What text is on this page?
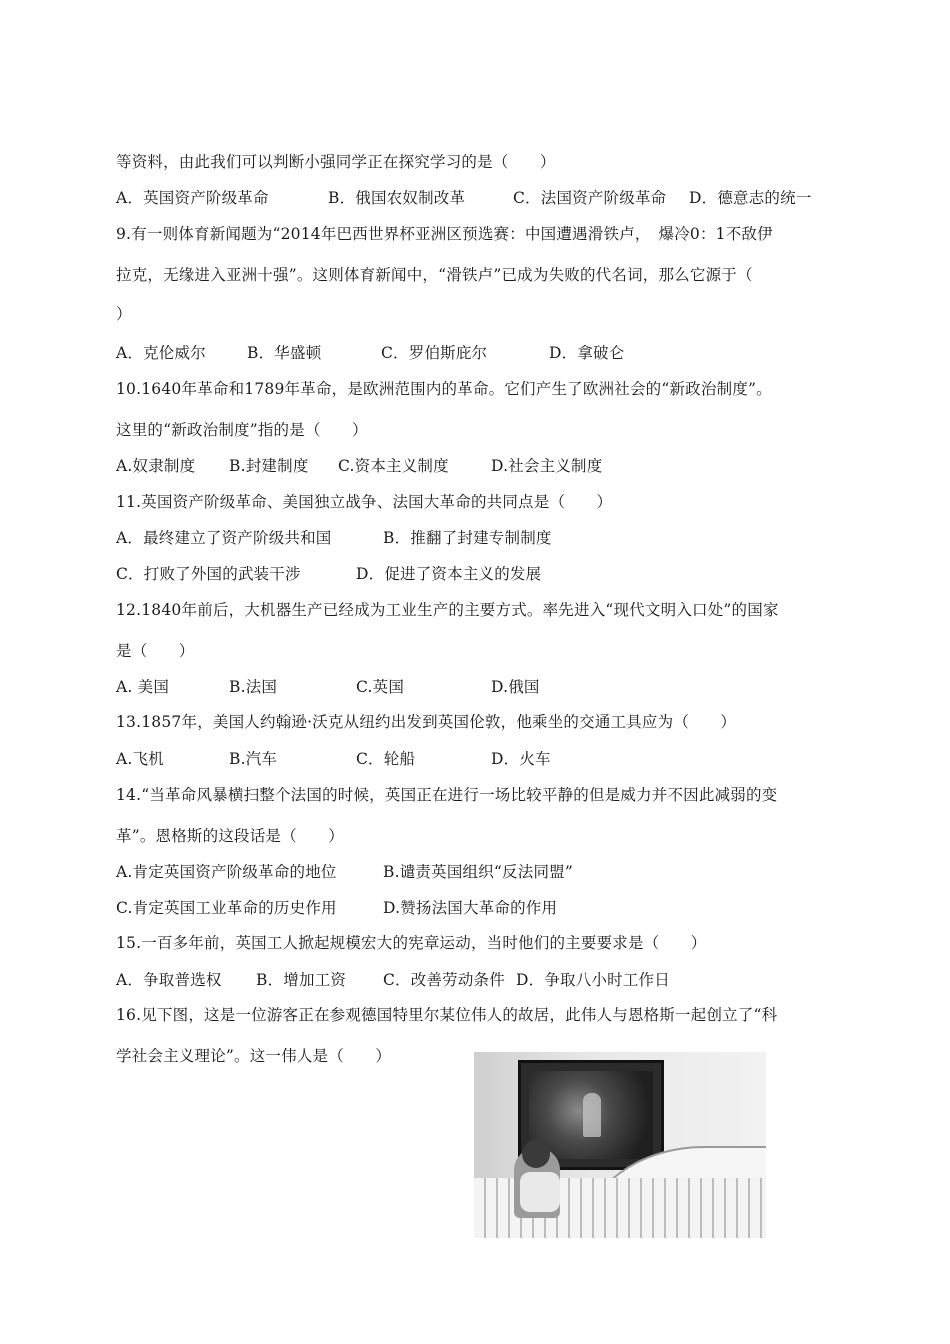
等资料，由此我们可以判断小强同学正在探究学习的是（　　）
A．英国资产阶级革命	B．俄国农奴制改革	C．法国资产阶级革命 D．德意志的统一
9.有一则体育新闻题为“2014年巴西世界杯亚洲区预选赛：中国遭遇滑铁卢，　爆冷0：1不敌伊
拉克，无缘进入亚洲十强”。这则体育新闻中，“滑铁卢”已成为失败的代名词，那么它源于（
）
A．克伦威尔	B．华盛顿	C．罗伯斯庇尔	D．拿破仑
10.1640年革命和1789年革命，是欧洲范围内的革命。它们产生了欧洲社会的“新政治制度”。
这里的“新政治制度”指的是（　　）
A.奴隶制度 B.封建制度 C.资本主义制度	D.社会主义制度
11.英国资产阶级革命、美国独立战争、法国大革命的共同点是（　　）
A．最终建立了资产阶级共和国	B．推翻了封建专制制度
C．打败了外国的武装干涉	D．促进了资本主义的发展
12.1840年前后，大机器生产已经成为工业生产的主要方式。率先进入“现代文明入口处”的国家
是（　　）
A. 美国	B.法国	C.英国	D.俄国
13.1857年，美国人约翰逊·沃克从纽约出发到英国伦敦，他乘坐的交通工具应为（　　）
A.飞机	B.汽车	C．轮船	D．火车
14.“当革命风暴横扫整个法国的时候，英国正在进行一场比较平静的但是威力并不因此减弱的变
革”。恩格斯的这段话是（　　）
A.肯定英国资产阶级革命的地位	B.谴责英国组织“反法同盟”
C.肯定英国工业革命的历史作用	D.赞扬法国大革命的作用
15.一百多年前，英国工人掀起规模宏大的宪章运动，当时他们的主要要求是（　　）
A．争取普选权 B．增加工资 C．改善劳动条件 D．争取八小时工作日
16.见下图，这是一位游客正在参观德国特里尔某位伟人的故居，此伟人与恩格斯一起创立了“科
学社会主义理论”。这一伟人是（　　）
